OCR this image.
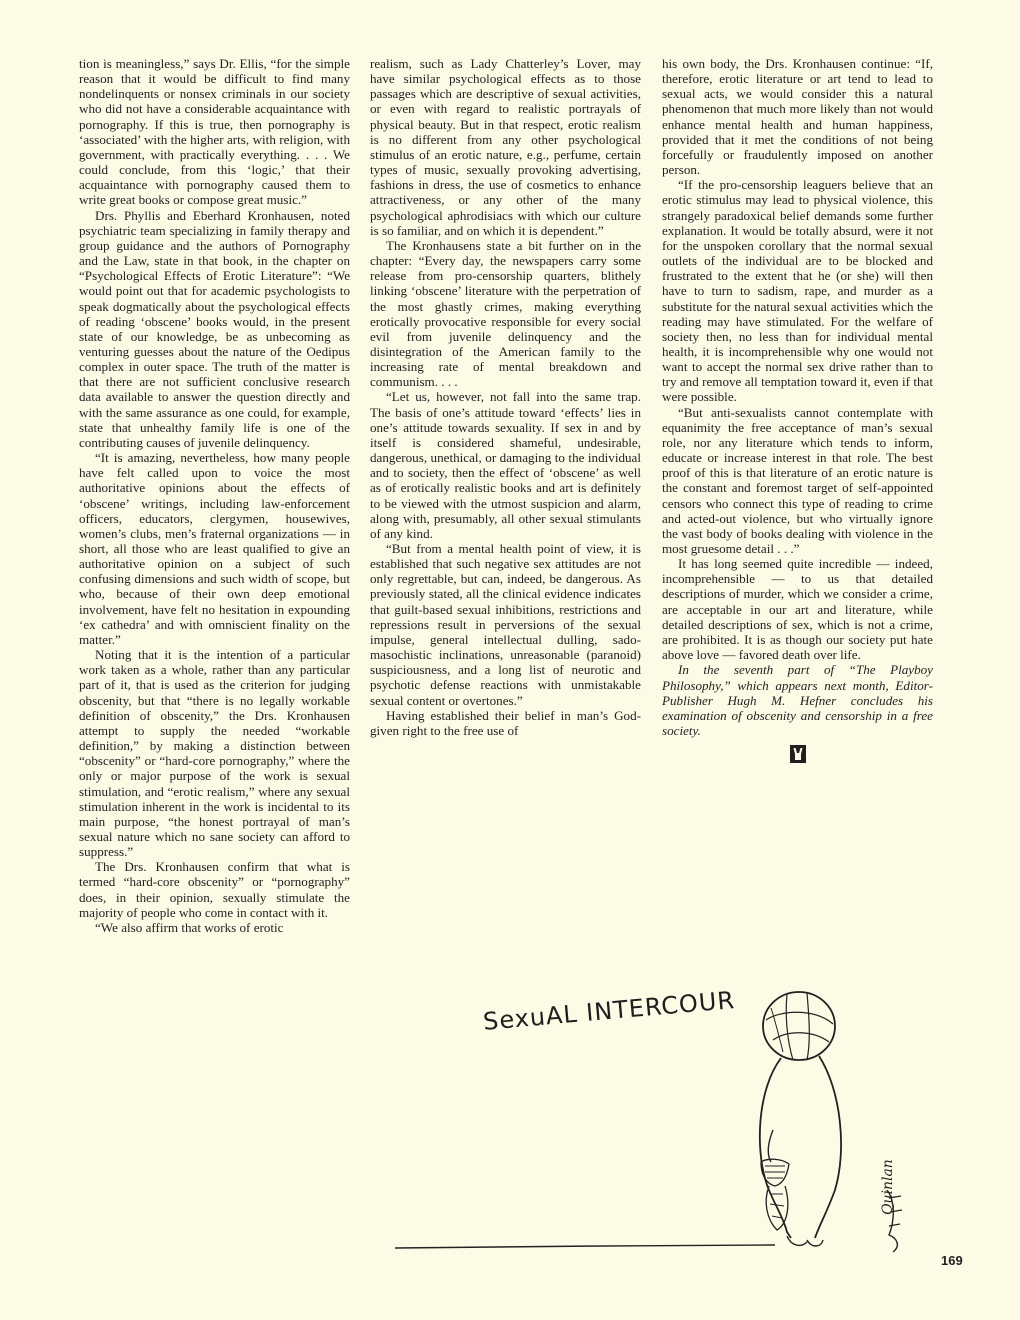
tion is meaningless,” says Dr. Ellis, “for the simple reason that it would be difficult to find many nondelinquents or nonsex criminals in our society who did not have a considerable acquaintance with pornography. If this is true, then pornography is ‘associated’ with the higher arts, with religion, with government, with practically everything. . . . We could conclude, from this ‘logic,’ that their acquaintance with pornography caused them to write great books or compose great music.”

Drs. Phyllis and Eberhard Kronhausen, noted psychiatric team specializing in family therapy and group guidance and the authors of Pornography and the Law, state in that book, in the chapter on “Psychological Effects of Erotic Literature”: “We would point out that for academic psychologists to speak dogmatically about the psychological effects of reading ‘obscene’ books would, in the present state of our knowledge, be as unbecoming as venturing guesses about the nature of the Oedipus complex in outer space. The truth of the matter is that there are not sufficient conclusive research data available to answer the question directly and with the same assurance as one could, for example, state that unhealthy family life is one of the contributing causes of juvenile delinquency.

“It is amazing, nevertheless, how many people have felt called upon to voice the most authoritative opinions about the effects of ‘obscene’ writings, including law-enforcement officers, educators, clergymen, housewives, women’s clubs, men’s fraternal organizations — in short, all those who are least qualified to give an authoritative opinion on a subject of such confusing dimensions and such width of scope, but who, because of their own deep emotional involvement, have felt no hesitation in expounding ‘ex cathedra’ and with omniscient finality on the matter.”

Noting that it is the intention of a particular work taken as a whole, rather than any particular part of it, that is used as the criterion for judging obscenity, but that “there is no legally workable definition of obscenity,” the Drs. Kronhausen attempt to supply the needed “workable definition,” by making a distinction between “obscenity” or “hard-core pornography,” where the only or major purpose of the work is sexual stimulation, and “erotic realism,” where any sexual stimulation inherent in the work is incidental to its main purpose, “the honest portrayal of man’s sexual nature which no sane society can afford to suppress.”

The Drs. Kronhausen confirm that what is termed “hard-core obscenity” or “pornography” does, in their opinion, sexually stimulate the majority of people who come in contact with it.

“We also affirm that works of erotic

realism, such as Lady Chatterley’s Lover, may have similar psychological effects as to those passages which are descriptive of sexual activities, or even with regard to realistic portrayals of physical beauty. But in that respect, erotic realism is no different from any other psychological stimulus of an erotic nature, e.g., perfume, certain types of music, sexually provoking advertising, fashions in dress, the use of cosmetics to enhance attractiveness, or any other of the many psychological aphrodisiacs with which our culture is so familiar, and on which it is dependent.”

The Kronhausens state a bit further on in the chapter: “Every day, the newspapers carry some release from pro-censorship quarters, blithely linking ‘obscene’ literature with the perpetration of the most ghastly crimes, making everything erotically provocative responsible for every social evil from juvenile delinquency and the disintegration of the American family to the increasing rate of mental breakdown and communism. . . .

“Let us, however, not fall into the same trap. The basis of one’s attitude toward ‘effects’ lies in one’s attitude towards sexuality. If sex in and by itself is considered shameful, undesirable, dangerous, unethical, or damaging to the individual and to society, then the effect of ‘obscene’ as well as of erotically realistic books and art is definitely to be viewed with the utmost suspicion and alarm, along with, presumably, all other sexual stimulants of any kind.

“But from a mental health point of view, it is established that such negative sex attitudes are not only regrettable, but can, indeed, be dangerous. As previously stated, all the clinical evidence indicates that guilt-based sexual inhibitions, restrictions and repressions result in perversions of the sexual impulse, general intellectual dulling, sado-masochistic inclinations, unreasonable (paranoid) suspiciousness, and a long list of neurotic and psychotic defense reactions with unmistakable sexual content or overtones.”

Having established their belief in man’s God-given right to the free use of

his own body, the Drs. Kronhausen continue: “If, therefore, erotic literature or art tend to lead to sexual acts, we would consider this a natural phenomenon that much more likely than not would enhance mental health and human happiness, provided that it met the conditions of not being forcefully or fraudulently imposed on another person.

“If the pro-censorship leaguers believe that an erotic stimulus may lead to physical violence, this strangely paradoxical belief demands some further explanation. It would be totally absurd, were it not for the unspoken corollary that the normal sexual outlets of the individual are to be blocked and frustrated to the extent that he (or she) will then have to turn to sadism, rape, and murder as a substitute for the natural sexual activities which the reading may have stimulated. For the welfare of society then, no less than for individual mental health, it is incomprehensible why one would not want to accept the normal sex drive rather than to try and remove all temptation toward it, even if that were possible.

“But anti-sexualists cannot contemplate with equanimity the free acceptance of man’s sexual role, nor any literature which tends to inform, educate or increase interest in that role. The best proof of this is that literature of an erotic nature is the constant and foremost target of self-appointed censors who connect this type of reading to crime and acted-out violence, but who virtually ignore the vast body of books dealing with violence in the most gruesome detail . . .”

It has long seemed quite incredible — indeed, incomprehensible — to us that detailed descriptions of murder, which we consider a crime, are acceptable in our art and literature, while detailed descriptions of sex, which is not a crime, are prohibited. It is as though our society put hate above love — favored death over life.

In the seventh part of “The Playboy Philosophy,” which appears next month, Editor-Publisher Hugh M. Hefner concludes his examination of obscenity and censorship in a free society.

SexuAL INTERCOUR
Quinlan
169
